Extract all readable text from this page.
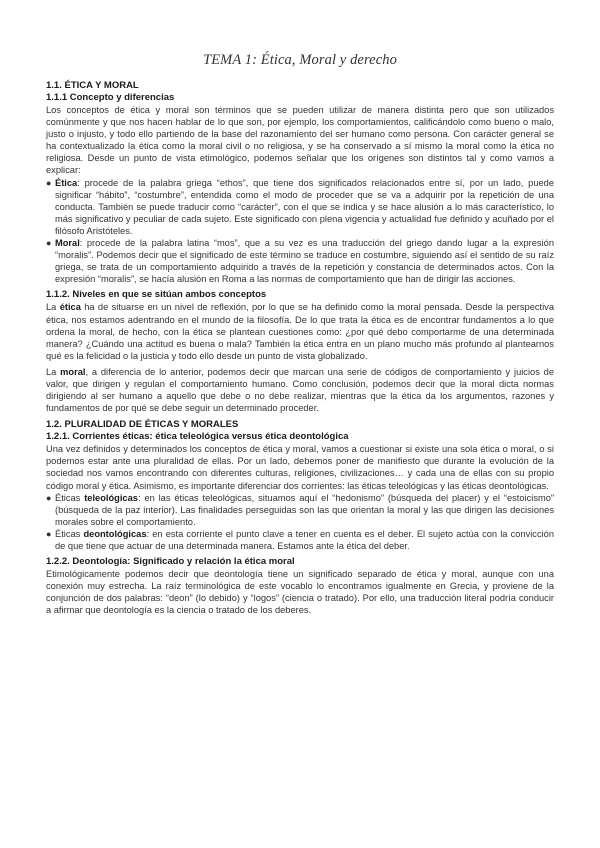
TEMA 1: Ética, Moral y derecho
1.1. ÉTICA Y MORAL
1.1.1 Concepto y diferencias

Los conceptos de ética y moral son términos que se pueden utilizar de manera distinta pero que son utilizados comúnmente y que nos hacen hablar de lo que son, por ejemplo, los comportamientos, calificándolo como bueno o malo, justo o injusto, y todo ello partiendo de la base del razonamiento del ser humano como persona. Con carácter general se ha contextualizado la ética como la moral civil o no religiosa, y se ha conservado a sí mismo la moral como la ética no religiosa. Desde un punto de vista etimológico, podemos señalar que los orígenes son distintos tal y como vamos a explicar:

● Ética: procede de la palabra griega “ethos”, que tiene dos significados relacionados entre sí, por un lado, puede significar “hábito”, “costumbre”, entendida como el modo de proceder que se va a adquirir por la repetición de una conducta. También se puede traducir como “carácter”, con el que se indica y se hace alusión a lo más característico, lo más significativo y peculiar de cada sujeto. Este significado con plena vigencia y actualidad fue definido y acuñado por el filósofo Aristóteles.
● Moral: procede de la palabra latina “mos”, que a su vez es una traducción del griego dando lugar a la expresión “moralis”. Podemos decir que el significado de este término se traduce en costumbre, siguiendo así el sentido de su raíz griega, se trata de un comportamiento adquirido a través de la repetición y constancia de determinados actos. Con la expresión “moralis”, se hacía alusión en Roma a las normas de comportamiento que han de dirigir las acciones.
1.1.2. Niveles en que se sitúan ambos conceptos

La ética ha de situarse en un nivel de reflexión, por lo que se ha definido como la moral pensada. Desde la perspectiva ética, nos estamos adentrando en el mundo de la filosofía. De lo que trata la ética es de encontrar fundamentos a lo que ordena la moral, de hecho, con la ética se plantean cuestiones como: ¿por qué debo comportarme de una determinada manera? ¿Cuándo una actitud es buena o mala? También la ética entra en un plano mucho más profundo al plantearnos qué es la felicidad o la justicia y todo ello desde un punto de vista globalizado.

La moral, a diferencia de lo anterior, podemos decir que marcan una serie de códigos de comportamiento y juicios de valor, que dirigen y regulan el comportamiento humano. Como conclusión, podemos decir que la moral dicta normas dirigiendo al ser humano a aquello que debe o no debe realizar, mientras que la ética da los argumentos, razones y fundamentos de por qué se debe seguir un determinado proceder.

1.2. PLURALIDAD DE ÉTICAS Y MORALES
1.2.1. Corrientes éticas: ética teleológica versus ética deontológica

Una vez definidos y determinados los conceptos de ética y moral, vamos a cuestionar si existe una sola ética o moral, o si podemos estar ante una pluralidad de ellas. Por un lado, debemos poner de manifiesto que durante la evolución de la sociedad nos vamos encontrando con diferentes culturas, religiones, civilizaciones… y cada una de ellas con su propio código moral y ética. Asimismo, es importante diferenciar dos corrientes: las éticas teleológicas y las éticas deontológicas.

● Éticas teleológicas: en las éticas teleológicas, situamos aquí el “hedonismo” (búsqueda del placer) y el “estoicismo” (búsqueda de la paz interior). Las finalidades perseguidas son las que orientan la moral y las que dirigen las decisiones morales sobre el comportamiento.
● Éticas deontológicas: en esta corriente el punto clave a tener en cuenta es el deber. El sujeto actúa con la convicción de que tiene que actuar de una determinada manera. Estamos ante la ética del deber.
1.2.2. Deontología: Significado y relación la ética moral

Etimológicamente podemos decir que deontología tiene un significado separado de ética y moral, aunque con una conexión muy estrecha. La raíz terminológica de este vocablo lo encontramos igualmente en Grecia, y proviene de la conjunción de dos palabras: “deon” (lo debido) y “logos” (ciencia o tratado). Por ello, una traducción literal podría conducir a afirmar que deontología es la ciencia o tratado de los deberes.
